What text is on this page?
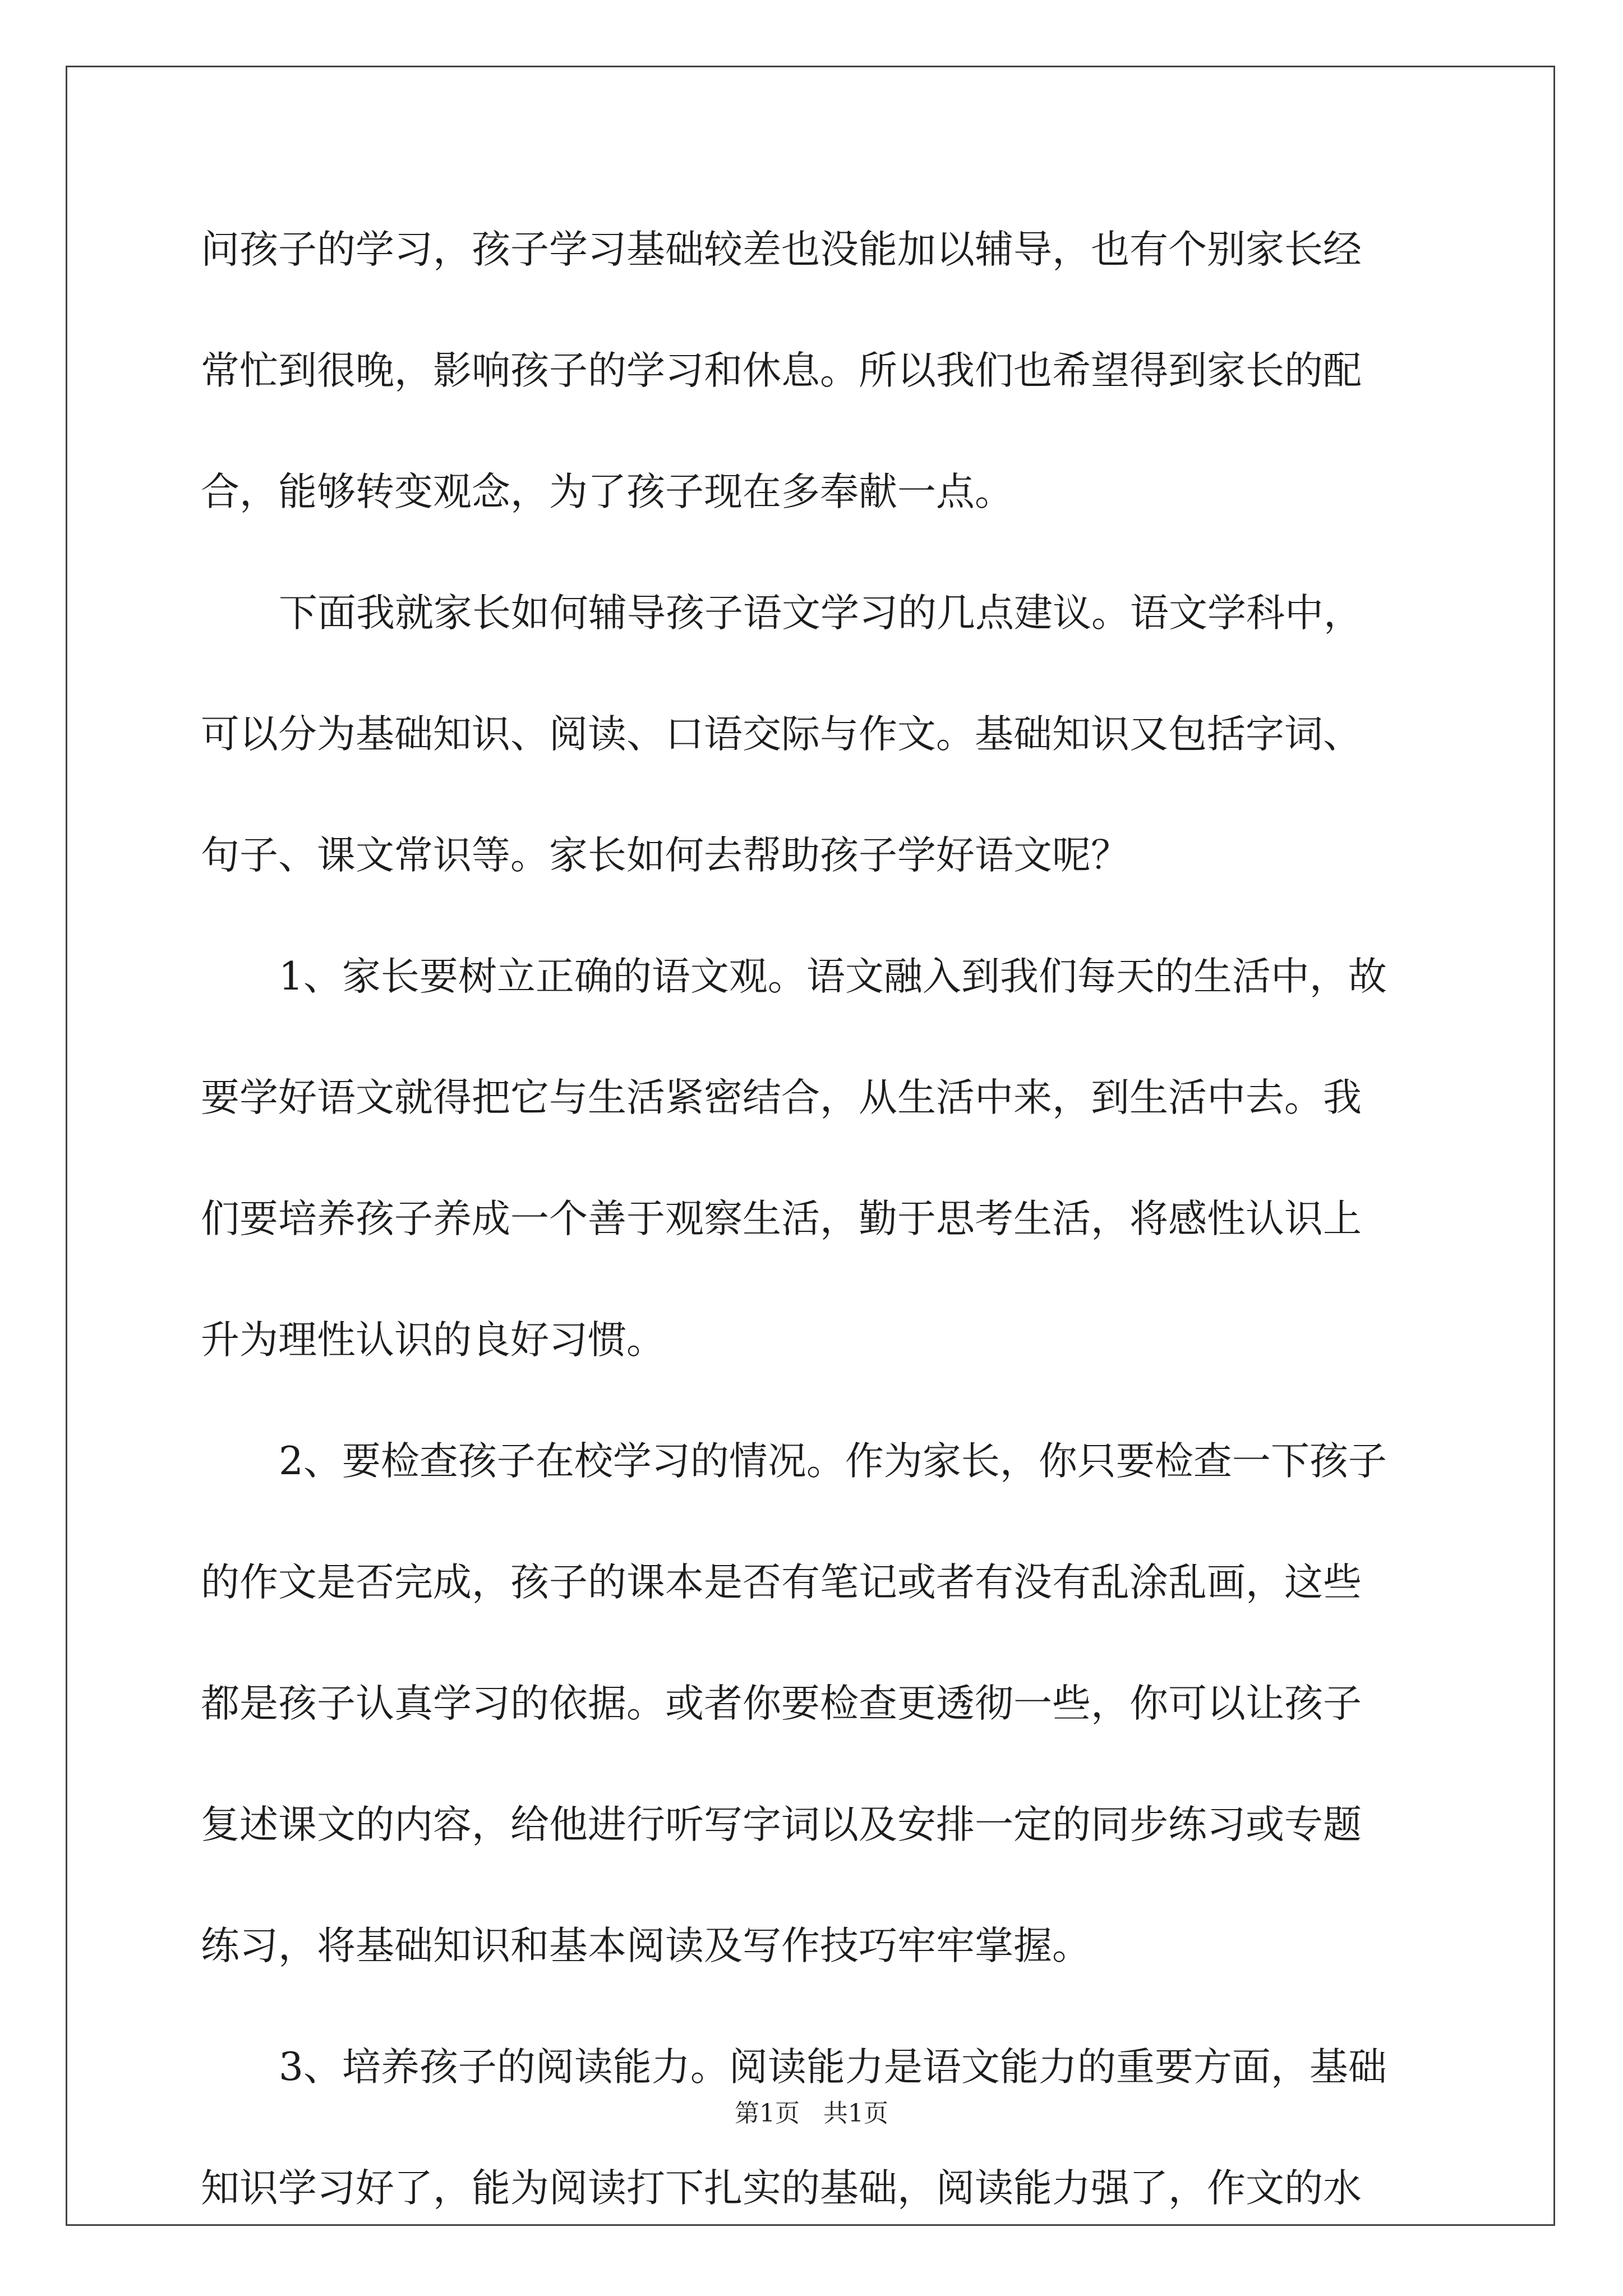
问孩子的学习，孩子学习基础较差也没能加以辅导，也有个别家长经
常忙到很晚，影响孩子的学习和休息。所以我们也希望得到家长的配
合，能够转变观念，为了孩子现在多奉献一点。
下面我就家长如何辅导孩子语文学习的几点建议。语文学科中，
可以分为基础知识、阅读、口语交际与作文。基础知识又包括字词、
句子、课文常识等。家长如何去帮助孩子学好语文呢？
1、家长要树立正确的语文观。语文融入到我们每天的生活中，故
要学好语文就得把它与生活紧密结合，从生活中来，到生活中去。我
们要培养孩子养成一个善于观察生活，勤于思考生活，将感性认识上
升为理性认识的良好习惯。
2、要检查孩子在校学习的情况。作为家长，你只要检查一下孩子
的作文是否完成，孩子的课本是否有笔记或者有没有乱涂乱画，这些
都是孩子认真学习的依据。或者你要检查更透彻一些，你可以让孩子
复述课文的内容，给他进行听写字词以及安排一定的同步练习或专题
练习，将基础知识和基本阅读及写作技巧牢牢掌握。
3、培养孩子的阅读能力。阅读能力是语文能力的重要方面，基础
知识学习好了，能为阅读打下扎实的基础，阅读能力强了，作文的水
第1页   共1页
